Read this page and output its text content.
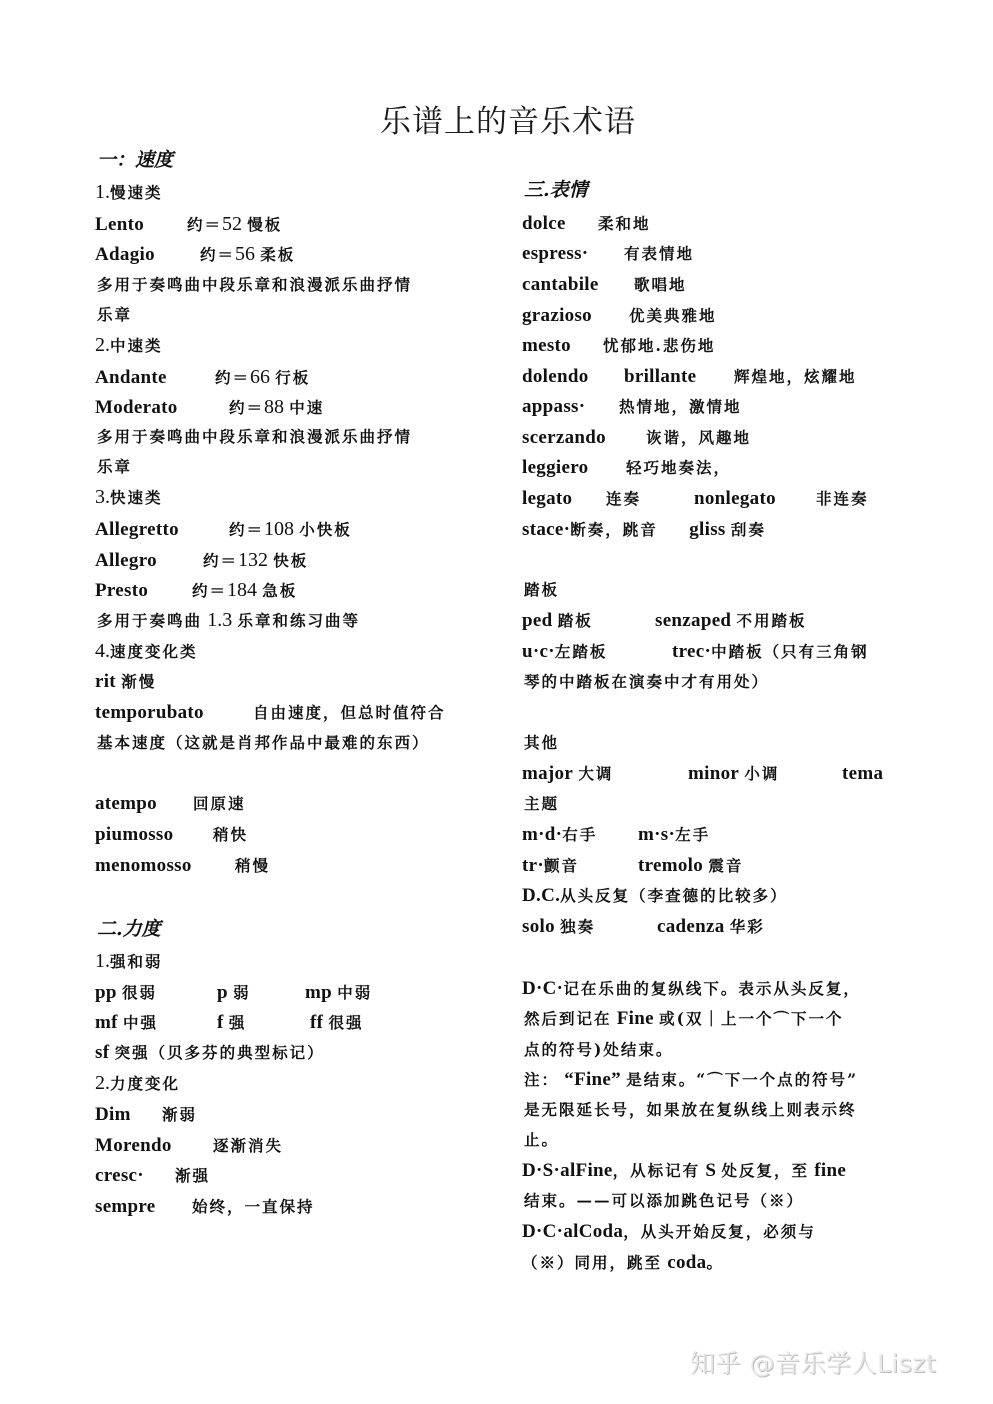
乐谱上的音乐术语
一：速度
1.慢速类
Lento	约＝52 慢板
Adagio	约＝56 柔板
多用于奏鸣曲中段乐章和浪漫派乐曲抒情
乐章
2.中速类
Andante	约＝66 行板
Moderato	约＝88 中速
多用于奏鸣曲中段乐章和浪漫派乐曲抒情
乐章
3.快速类
Allegretto	约＝108 小快板
Allegro	约＝132 快板
Presto	约＝184 急板
多用于奏鸣曲 1.3 乐章和练习曲等
4.速度变化类
rit 渐慢
temporubato	自由速度，但总时值符合
基本速度（这就是肖邦作品中最难的东西）
atempo 回原速
piumosso	稍快
menomosso	稍慢
二.力度
1.强和弱
pp 很弱	p 弱	mp 中弱
mf 中强	f 强	ff 很强
sf 突强（贝多芬的典型标记）
2.力度变化
Dim 渐弱
Morendo	逐渐消失
cresc· 渐强
sempre 始终，一直保持
三.表情
dolce 柔和地
espress· 有表情地
cantabile 歌唱地
grazioso 优美典雅地
mesto 忧郁地.悲伤地
dolendo brillante 辉煌地，炫耀地
appass· 热情地，激情地
scerzando	诙谐，风趣地
leggiero 轻巧地奏法，
legato 连奏	nonlegato	非连奏
stace·断奏，跳音 gliss 刮奏
踏板
ped 踏板	senzaped 不用踏板
u·c·左踏板	trec·中踏板（只有三角钢
琴的中踏板在演奏中才有用处）
其他
major 大调	minor 小调	tema
主题
m·d·右手 m·s·左手
tr·颤音	tremolo 震音
D.C.从头反复（李查德的比较多）
solo 独奏	cadenza 华彩
D·C·记在乐曲的复纵线下。表示从头反复，
然后到记在 Fine 或(双｜上一个⌒下一个
点的符号)处结束。
注： “Fine” 是结束。“⌒下一个点的符号”
是无限延长号，如果放在复纵线上则表示终
止。
D·S·alFine，从标记有 S 处反复，至 fine
结束。——可以添加跳色记号（※）
D·C·alCoda，从头开始反复，必须与
（※）同用，跳至 coda。
知乎 @音乐学人Liszt
